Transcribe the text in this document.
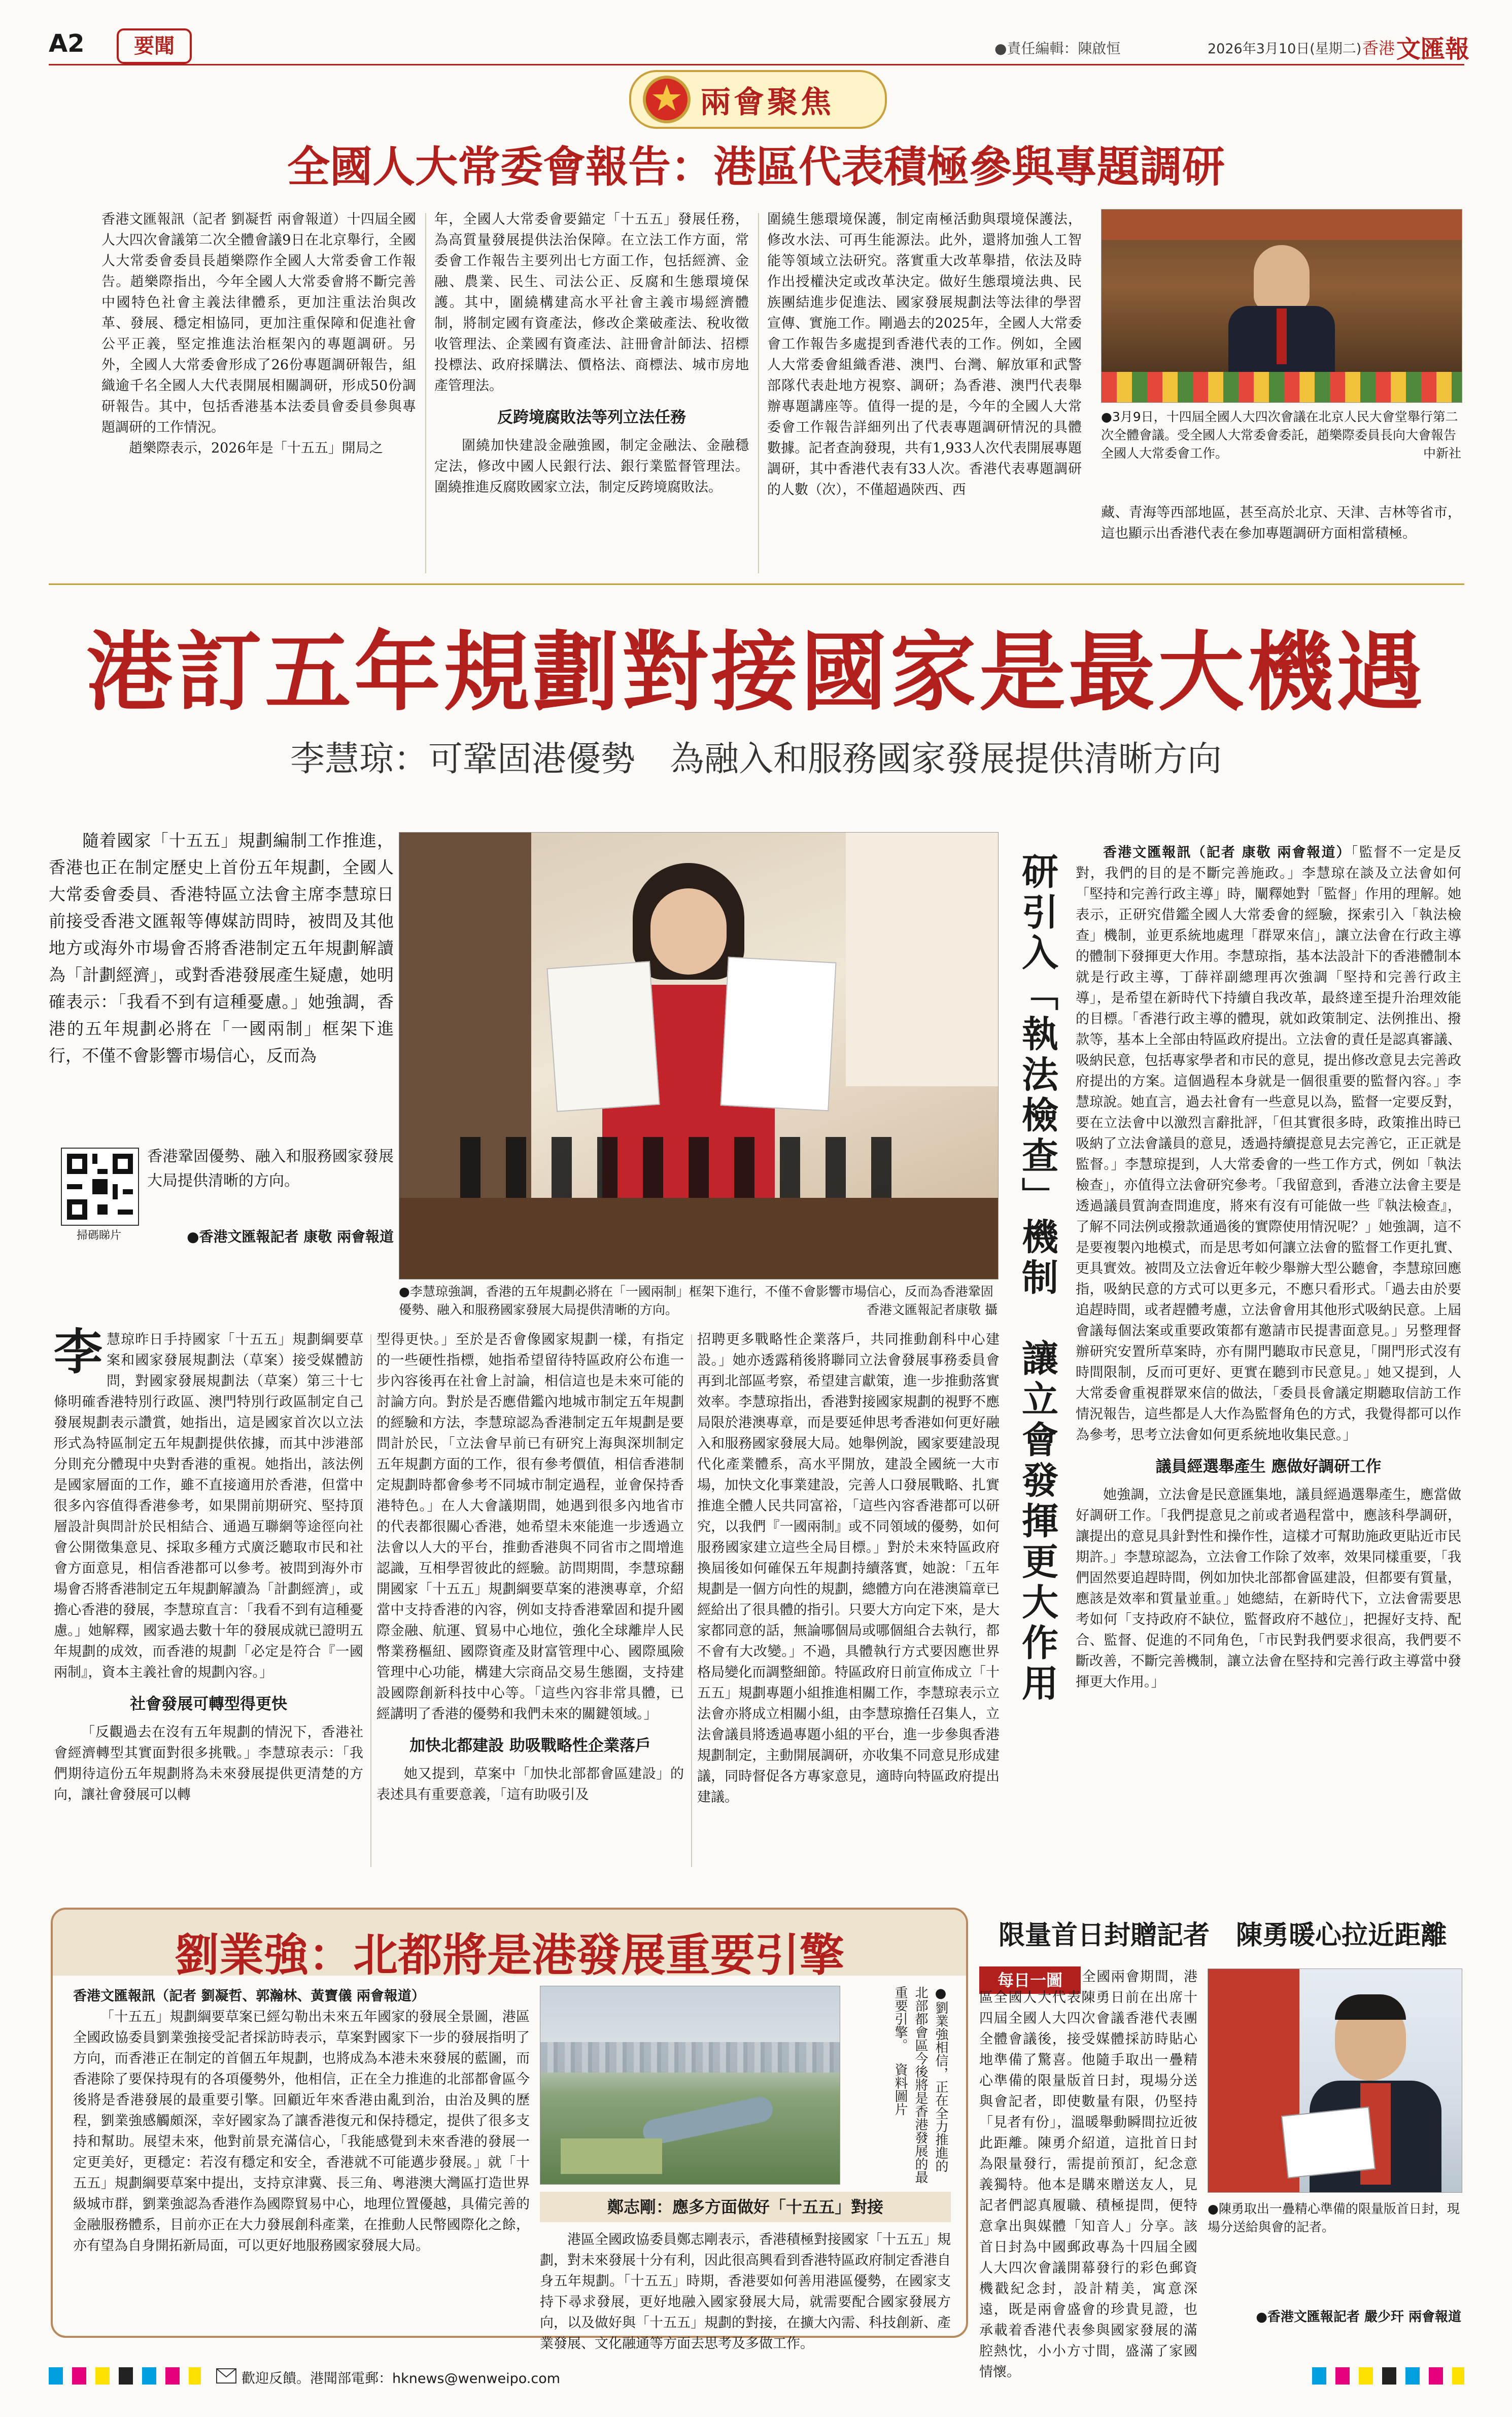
A2	要聞	●責任編輯：陳啟恒	2026年3月10日(星期二) 香港 文匯報
兩會聚焦
全國人大常委會報告：港區代表積極參與專題調研

香港文匯報訊（記者 劉凝哲 兩會報道）十四屆全國人大四次會議第二次全體會議9日在北京舉行，全國人大常委會委員長趙樂際作全國人大常委會工作報告。趙樂際指出，今年全國人大常委會將不斷完善中國特色社會主義法律體系，更加注重法治與改革、發展、穩定相協同，更加注重保障和促進社會公平正義，堅定推進法治框架內的專題調研。另外，全國人大常委會形成了26份專題調研報告，組織逾千名全國人大代表開展相關調研，形成50份調研報告。其中，包括香港基本法委員會委員參與專題調研的工作情況。

趙樂際表示，2026年是「十五五」開局之

年，全國人大常委會要錨定「十五五」發展任務，為高質量發展提供法治保障。在立法工作方面，常委會工作報告主要列出七方面工作，包括經濟、金融、農業、民生、司法公正、反腐和生態環境保護。其中，圍繞構建高水平社會主義市場經濟體制，將制定國有資產法，修改企業破產法、稅收徵收管理法、企業國有資產法、註冊會計師法、招標投標法、政府採購法、價格法、商標法、城市房地產管理法。

反跨境腐敗法等列立法任務

圍繞加快建設金融強國，制定金融法、金融穩定法，修改中國人民銀行法、銀行業監督管理法。圍繞推進反腐敗國家立法，制定反跨境腐敗法。

圍繞生態環境保護，制定南極活動與環境保護法，修改水法、可再生能源法。此外，還將加強人工智能等領域立法研究。落實重大改革舉措，依法及時作出授權決定或改革決定。做好生態環境法典、民族團結進步促進法、國家發展規劃法等法律的學習宣傳、實施工作。剛過去的2025年，全國人大常委會工作報告多處提到香港代表的工作。例如，全國人大常委會組織香港、澳門、台灣、解放軍和武警部隊代表赴地方視察、調研；為香港、澳門代表舉辦專題講座等。值得一提的是，今年的全國人大常委會工作報告詳細列出了代表專題調研情況的具體數據。記者查詢發現，共有1,933人次代表開展專題調研，其中香港代表有33人次。香港代表專題調研的人數（次），不僅超過陝西、西

●3月9日，十四屆全國人大四次會議在北京人民大會堂舉行第二次全體會議。受全國人大常委會委託，趙樂際委員長向大會報告全國人大常委會工作。	中新社

藏、青海等西部地區，甚至高於北京、天津、吉林等省市，這也顯示出香港代表在參加專題調研方面相當積極。

港訂五年規劃對接國家是最大機遇
李慧琼：可鞏固港優勢　為融入和服務國家發展提供清晰方向

隨着國家「十五五」規劃編制工作推進，香港也正在制定歷史上首份五年規劃，全國人大常委會委員、香港特區立法會主席李慧琼日前接受香港文匯報等傳媒訪問時，被問及其他地方或海外市場會否將香港制定五年規劃解讀為「計劃經濟」，或對香港發展產生疑慮，她明確表示：「我看不到有這種憂慮。」她強調，香港的五年規劃必將在「一國兩制」框架下進行，不僅不會影響市場信心，反而為

掃碼睇片

香港鞏固優勢、融入和服務國家發展大局提供清晰的方向。

●香港文匯報記者 康敬 兩會報道
●李慧琼強調，香港的五年規劃必將在「一國兩制」框架下進行，不僅不會影響市場信心，反而為香港鞏固優勢、融入和服務國家發展大局提供清晰的方向。	香港文匯報記者康敬 攝
李 慧琼昨日手持國家「十五五」規劃綱要草案和國家發展規劃法（草案）接受媒體訪問，對國家發展規劃法（草案）第三十七條明確香港特別行政區、澳門特別行政區制定自己發展規劃表示讚賞，她指出，這是國家首次以立法形式為特區制定五年規劃提供依據，而其中涉港部分則充分體現中央對香港的重視。她指出，該法例是國家層面的工作，雖不直接適用於香港，但當中很多內容值得香港參考，如果開前期研究、堅持頂層設計與問計於民相結合、通過互聯網等途徑向社會公開徵集意見、採取多種方式廣泛聽取市民和社會方面意見，相信香港都可以參考。被問到海外市場會否將香港制定五年規劃解讀為「計劃經濟」，或擔心香港的發展，李慧琼直言：「我看不到有這種憂慮。」她解釋，國家過去數十年的發展成就已證明五年規劃的成效，而香港的規劃「必定是符合『一國兩制』，資本主義社會的規劃內容。」

社會發展可轉型得更快

「反觀過去在沒有五年規劃的情況下，香港社會經濟轉型其實面對很多挑戰。」李慧琼表示：「我們期待這份五年規劃將為未來發展提供更清楚的方向，讓社會發展可以轉

型得更快。」至於是否會像國家規劃一樣，有指定的一些硬性指標，她指希望留待特區政府公布進一步內容後再在社會上討論，相信這也是未來可能的討論方向。對於是否應借鑑內地城市制定五年規劃的經驗和方法，李慧琼認為香港制定五年規劃是要問計於民，「立法會早前已有研究上海與深圳制定五年規劃方面的工作，很有參考價值，相信香港制定規劃時都會參考不同城市制定過程，並會保持香港特色。」在人大會議期間，她遇到很多內地省市的代表都很關心香港，她希望未來能進一步透過立法會以人大的平台，推動香港與不同省市之間增進認識，互相學習彼此的經驗。訪問期間，李慧琼翻開國家「十五五」規劃綱要草案的港澳專章，介紹當中支持香港的內容，例如支持香港鞏固和提升國際金融、航運、貿易中心地位，強化全球離岸人民幣業務樞紐、國際資產及財富管理中心、國際風險管理中心功能，構建大宗商品交易生態圈，支持建設國際創新科技中心等。「這些內容非常具體，已經講明了香港的優勢和我們未來的關鍵領域。」

加快北都建設 助吸戰略性企業落戶

她又提到，草案中「加快北部都會區建設」的表述具有重要意義，「這有助吸引及

招聘更多戰略性企業落戶，共同推動創科中心建設。」她亦透露稍後將聯同立法會發展事務委員會再到北部區考察，希望建言獻策，進一步推動落實效率。李慧琼指出，香港對接國家規劃的視野不應局限於港澳專章，而是要延伸思考香港如何更好融入和服務國家發展大局。她舉例說，國家要建設現代化產業體系，高水平開放，建設全國統一大市場，加快文化事業建設，完善人口發展戰略、扎實推進全體人民共同富裕，「這些內容香港都可以研究，以我們『一國兩制』或不同領域的優勢，如何服務國家建立這些全局目標。」對於未來特區政府換屆後如何確保五年規劃持續落實，她說：「五年規劃是一個方向性的規劃，總體方向在港澳篇章已經給出了很具體的指引。只要大方向定下來，是大家都同意的話，無論哪個局或哪個組合去執行，都不會有大改變。」不過，具體執行方式要因應世界格局變化而調整細節。特區政府日前宣佈成立「十五五」規劃專題小組推進相關工作，李慧琼表示立法會亦將成立相關小組，由李慧琼擔任召集人，立法會議員將透過專題小組的平台，進一步參與香港規劃制定，主動開展調研，亦收集不同意見形成建議，同時督促各方專家意見，適時向特區政府提出建議。

研引入「執法檢查」機制　讓立會發揮更大作用	香港文匯報訊（記者 康敬 兩會報道）「監督不一定是反對，我們的目的是不斷完善施政。」李慧琼在談及立法會如何「堅持和完善行政主導」時，闡釋她對「監督」作用的理解。她表示，正研究借鑑全國人大常委會的經驗，探索引入「執法檢查」機制，並更系統地處理「群眾來信」，讓立法會在行政主導的體制下發揮更大作用。李慧琼指，基本法設計下的香港體制本就是行政主導，丁薛祥副總理再次強調「堅持和完善行政主導」，是希望在新時代下持續自我改革，最終達至提升治理效能的目標。「香港行政主導的體現，就如政策制定、法例推出、撥款等，基本上全部由特區政府提出。立法會的責任是認真審議、吸納民意，包括專家學者和市民的意見，提出修改意見去完善政府提出的方案。這個過程本身就是一個很重要的監督內容。」李慧琼說。她直言，過去社會有一些意見以為，監督一定要反對，要在立法會中以激烈言辭批評，「但其實很多時，政策推出時已吸納了立法會議員的意見，透過持續提意見去完善它，正正就是監督。」李慧琼提到，人大常委會的一些工作方式，例如「執法檢查」，亦值得立法會研究參考。「我留意到，香港立法會主要是透過議員質詢查問進度，將來有沒有可能做一些『執法檢查』，了解不同法例或撥款通過後的實際使用情況呢？」她強調，這不是要複製內地模式，而是思考如何讓立法會的監督工作更扎實、更具實效。被問及立法會近年較少舉辦大型公聽會，李慧琼回應指，吸納民意的方式可以更多元，不應只看形式。「過去由於要追趕時間，或者趕體考慮，立法會會用其他形式吸納民意。上屆會議每個法案或重要政策都有邀請市民提書面意見。」另整理督辦研究安置所草案時，亦有開門聽取市民意見，「開門形式沒有時間限制，反而可更好、更實在聽到市民意見。」她又提到，人大常委會重視群眾來信的做法，「委員長會議定期聽取信訪工作情況報告，這些都是人大作為監督角色的方式，我覺得都可以作為參考，思考立法會如何更系統地收集民意。」

議員經選舉產生 應做好調研工作

她強調，立法會是民意匯集地，議員經過選舉產生，應當做好調研工作。「我們提意見之前或者過程當中，應該科學調研，讓提出的意見具針對性和操作性，這樣才可幫助施政更貼近市民期許。」李慧琼認為，立法會工作除了效率，效果同樣重要，「我們固然要追趕時間，例如加快北部都會區建設，但都要有質量，應該是效率和質量並重。」她總結，在新時代下，立法會需要思考如何「支持政府不缺位，監督政府不越位」，把握好支持、配合、監督、促進的不同角色，「市民對我們要求很高，我們要不斷改善，不斷完善機制，讓立法會在堅持和完善行政主導當中發揮更大作用。」

劉業強：北都將是港發展重要引擎

香港文匯報訊（記者 劉凝哲、郭瀚林、黃寶儀 兩會報道）

「十五五」規劃綱要草案已經勾勒出未來五年國家的發展全景圖，港區全國政協委員劉業強接受記者採訪時表示，草案對國家下一步的發展指明了方向，而香港正在制定的首個五年規劃，也將成為本港未來發展的藍圖，而香港除了要保持現有的各項優勢外，他相信，正在全力推進的北部都會區今後將是香港發展的最重要引擎。回顧近年來香港由亂到治，由治及興的歷程，劉業強感觸頗深，幸好國家為了讓香港復元和保持穩定，提供了很多支持和幫助。展望未來，他對前景充滿信心，「我能感覺到未來香港的發展一定更美好，更穩定：若沒有穩定和安全，香港就不可能邁步發展。」就「十五五」規劃綱要草案中提出，支持京津冀、長三角、粵港澳大灣區打造世界級城市群，劉業強認為香港作為國際貿易中心，地理位置優越，具備完善的金融服務體系，目前亦正在大力發展創科產業，在推動人民幣國際化之餘，亦有望為自身開拓新局面，可以更好地服務國家發展大局。

●劉業強相信，正在全力推進的北部都會區今後將是香港發展的最重要引擎。 資料圖片
鄭志剛：應多方面做好「十五五」對接

港區全國政協委員鄭志剛表示，香港積極對接國家「十五五」規劃，對未來發展十分有利，因此很高興看到香港特區政府制定香港自身五年規劃。「十五五」時期，香港要如何善用港區優勢，在國家支持下尋求發展，更好地融入國家發展大局，就需要配合國家發展方向，以及做好與「十五五」規劃的對接，在擴大內需、科技創新、產業發展、文化融通等方面去思考及多做工作。

限量首日封贈記者　陳勇暖心拉近距離
每日一圖	全國兩會期間，港區全國人大代表陳勇日前在出席十四屆全國人大四次會議香港代表團全體會議後，接受媒體採訪時貼心地準備了驚喜。他隨手取出一疊精心準備的限量版首日封，現場分送與會記者，即使數量有限，仍堅持「見者有份」，溫暖舉動瞬間拉近彼此距離。陳勇介紹道，這批首日封為限量發行，需提前預訂，紀念意義獨特。他本是購來贈送友人，見記者們認真履職、積極提問，便特意拿出與媒體「知音人」分享。該首日封為中國郵政專為十四屆全國人大四次會議開幕發行的彩色郵資機戳紀念封，設計精美，寓意深遠，既是兩會盛會的珍貴見證，也承載着香港代表參與國家發展的滿腔熱忱，小小方寸間，盛滿了家國情懷。

●陳勇取出一疊精心準備的限量版首日封，現場分送給與會的記者。
●香港文匯報記者 嚴少玕 兩會報道
歡迎反饋。港聞部電郵：hknews@wenweipo.com
